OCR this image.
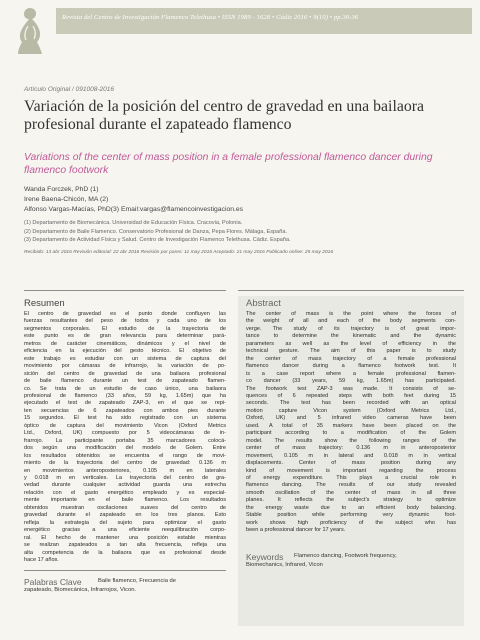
Revista del Centro de Investigación Flamenco Telethusa • ISSN 1989 - 1628 • Cádiz 2016 • 9(10) • pp.30-36
Artículo Original / 091008-2016
Variación de la posición del centro de gravedad en una bailaora profesional durante el zapateado flamenco
Variations of the center of mass position in a female professional flamenco dancer during flamenco footwork
Wanda Forczek, PhD (1)
Irene Baena-Chicón, MA (2)
Alfonso Vargas-Macías, PhD(3) Email:vargas@flamencoinvestigacion.es
(1) Departamento de Biomecánica. Universidad de Educación Física. Cracovia, Polonia.
(2) Departamento de Baile Flamenco. Conservatorio Profesional de Danza, Pepa Flores. Málaga, España.
(3) Departamento de Actividad Física y Salud. Centro de Investigación Flamenco Telethusa. Cádiz. España.
Recibido: 13 abr 2016 Revisión editorial: 22 abr 2016 Revisión por pares: 11 may 2016 Aceptado: 21 may 2016 Publicado online: 25 may 2016
Resumen
El centro de gravedad es el punto donde confluyen las
fuerzas resultantes del peso de todos y cada uno de los
segmentos corporales. El estudio de la trayectoria de
este punto es de gran relevancia para determinar pará-
metros de carácter cinemáticos, dinámicos y el nivel de
eficiencia en la ejecución del gesto técnico. El objetivo de
este trabajo es estudiar con un sistema de captura del
movimiento por cámaras de infrarrojo, la variación de po-
sición del centro de gravedad de una bailaora profesional
de baile flamenco durante un test de zapateado flamen-
co. Se trata de un estudio de caso único, una bailaora
profesional de flamenco (33 años, 59 kg, 1.65m) que ha
ejecutado el test de zapateado ZAP-3, en el que se repi-
ten secuencias de 6 zapateados con ambos pies durante
15 segundos. El test ha sido registrado con un sistema
óptico de captura del movimiento Vicon (Oxford Metrics
Ltd., Oxford, UK) compuesto por 5 videocámaras de in-
frarrojo. La participante portaba 35 marcadores colocá-
dos según una modificación del modelo de Golem. Entre
los resultados obtenidos se encuentra el rango de movi-
miento de la trayectoria del centro de gravedad: 0.136 m
en movimientos anteroposteriores, 0.105 m en laterales
y 0.018 m en verticales. La trayectoria del centro de gra-
vedad durante cualquier actividad guarda una estrecha
relación con el gasto energético empleado y es especial-
mente importante en el baile flamenco. Los resultados
obtenidos muestran oscilaciones suaves del centro de
gravedad durante el zapateado en los tres planos. Esto
refleja la estrategia del sujeto para optimizar el gasto
energético gracias a una eficiente reequilibración corpo-
ral. El hecho de mantener una posición estable mientras
se realizan zapateados a tan alta frecuencia, refleja una
alta competencia de la bailaora que es profesional desde
hace 17 años.
Palabras Clave	Baile flamenco, Frecuencia de
zapateado, Biomecánica, Infrarrojos, Vicon.
Abstract
The center of mass is the point where the forces of
the weight of all and each of the body segments con-
verge. The study of its trajectory is of great impor-
tance to determine the kinematic and the dynamic
parameters as well as the level of efficiency in the
technical gesture. The aim of this paper is to study
the center of mass trajectory of a female professional
flamenco dancer during a flamenco footwork test. It
is a case report where a female professional flamen-
co dancer (33 years, 59 kg, 1.65m) has participated.
The footwork test ZAP-3 was made. It consists of se-
quences of 6 repeated steps with both feet during 15
seconds. The test has been recorded with an optical
motion capture Vicon system (Oxford Metrics Ltd.,
Oxford, UK) and 5 infrared video cameras have been
used. A total of 35 markers have been placed on the
participant according to a modification of the Golem
model. The results show the following ranges of the
center of mass trajectory: 0.136 m in anteroposterior
movement, 0.105 m in lateral and 0.018 m in vertical
displacements. Center of mass position during any
kind of movement is important regarding the process
of energy expenditure. This plays a crucial role in
flamenco dancing. The results of our study revealed
smooth oscillation of the center of mass in all three
planes. It reflects the subject's strategy to optimize
the energy waste due to an efficient body balancing.
Stable position while performing very dynamic foot-
work shows high proficiency of the subject who has
been a professional dancer for 17 years.
Keywords Flamenco dancing, Footwork frequency,
Biomechanics, Infrared, Vicon
